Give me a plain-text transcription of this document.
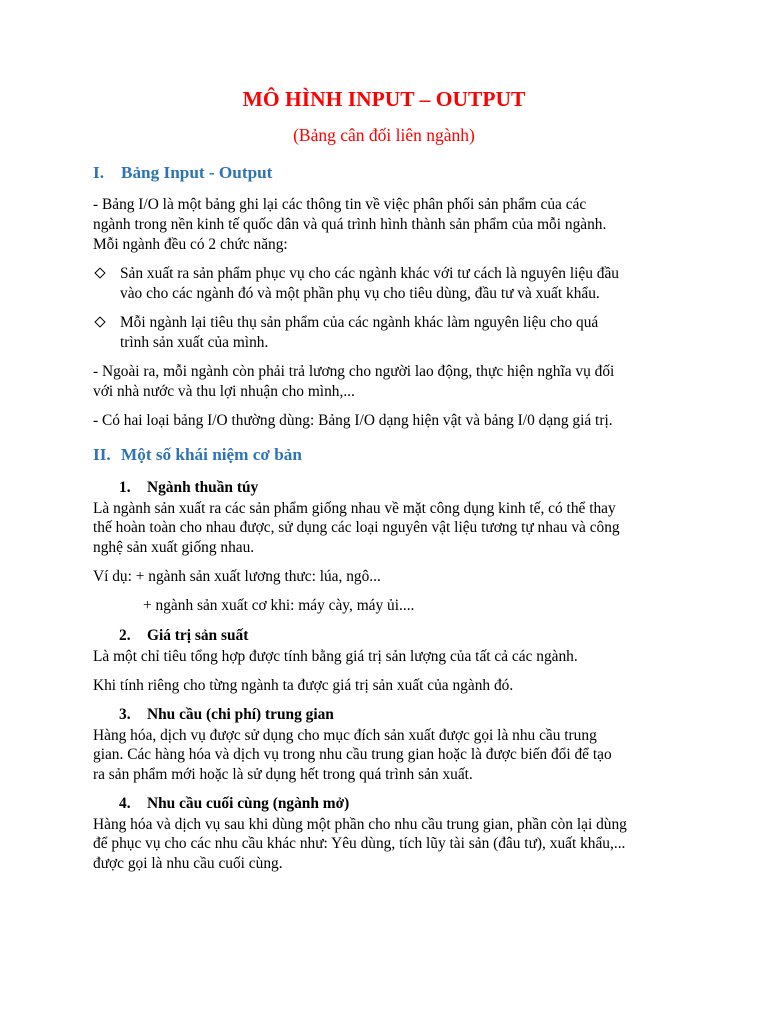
MÔ HÌNH INPUT – OUTPUT
(Bảng cân đối liên ngành)
I. Bảng Input - Output
- Bảng I/O là một bảng ghi lại các thông tin về việc phân phối sản phẩm của các
ngành trong nền kinh tế quốc dân và quá trình hình thành sản phẩm của mỗi ngành.
Mỗi ngành đều có 2 chức năng:
Sản xuất ra sản phẩm phục vụ cho các ngành khác với tư cách là nguyên liệu đầu
vào cho các ngành đó và một phần phụ vụ cho tiêu dùng, đầu tư và xuất khẩu.
Mỗi ngành lại tiêu thụ sản phẩm của các ngành khác làm nguyên liệu cho quá
trình sản xuất của mình.
- Ngoài ra, mỗi ngành còn phải trả lương cho người lao động, thực hiện nghĩa vụ đối
với nhà nước và thu lợi nhuận cho mình,...
- Có hai loại bảng I/O thường dùng: Bảng I/O dạng hiện vật và bảng I/0 dạng giá trị.
II. Một số khái niệm cơ bản
1. Ngành thuần túy
Là ngành sản xuất ra các sản phẩm giống nhau về mặt công dụng kinh tế, có thể thay
thế hoàn toàn cho nhau được, sử dụng các loại nguyên vật liệu tương tự nhau và công
nghệ sản xuất giống nhau.
Ví dụ: + ngành sản xuất lương thưc: lúa, ngô...
+ ngành sản xuất cơ khi: máy cày, máy ủi....
2. Giá trị sản suất
Là một chỉ tiêu tổng hợp được tính bằng giá trị sản lượng của tất cả các ngành.
Khi tính riêng cho từng ngành ta được giá trị sản xuất của ngành đó.
3. Nhu cầu (chi phí) trung gian
Hàng hóa, dịch vụ được sử dụng cho mục đích sản xuất được gọi là nhu cầu trung
gian. Các hàng hóa và dịch vụ trong nhu cầu trung gian hoặc là được biến đổi để tạo
ra sản phẩm mới hoặc là sử dụng hết trong quá trình sản xuất.
4. Nhu cầu cuối cùng (ngành mở)
Hàng hóa và dịch vụ sau khi dùng một phần cho nhu cầu trung gian, phần còn lại dùng
để phục vụ cho các nhu cầu khác như: Yêu dùng, tích lũy tài sản (đâu tư), xuất khẩu,...
được gọi là nhu cầu cuối cùng.
